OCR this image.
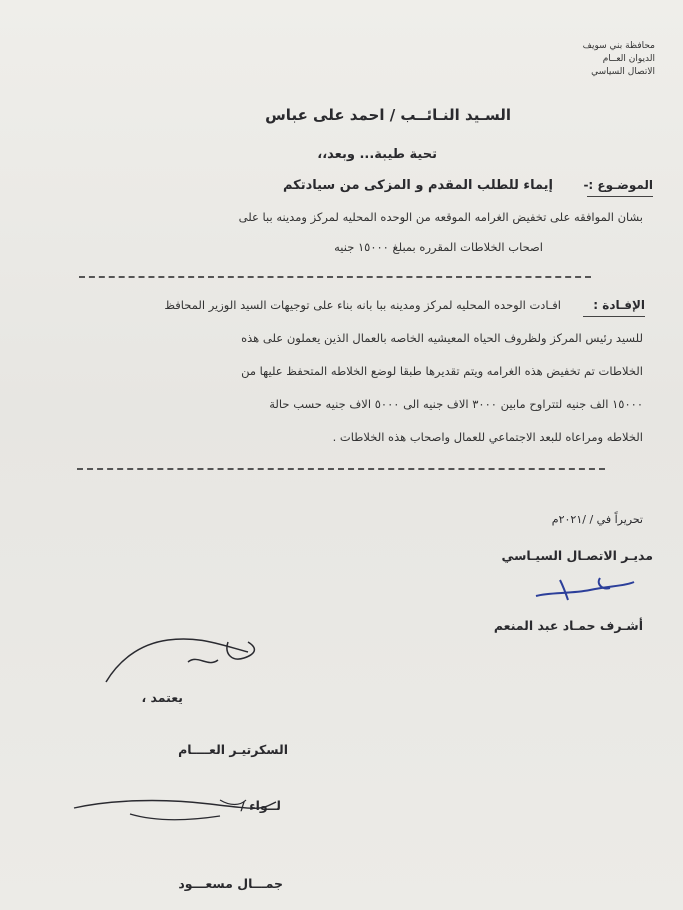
محافظة بني سويف
الديوان العــام
الاتصال السياسي
السـيد النـائــب / احمد على عباس
تحية طيبة... وبعد،،
الموضـوع :-
إيماء للطلب المقدم و المزكى من سيادتكم
بشان الموافقه على تخفيض الغرامه الموقعه من الوحده المحليه لمركز ومدينه ببا على
اصحاب الخلاطات المقرره بمبلغ ١٥٠٠٠ جنيه
الإفـادة :
افـادت الوحده المحليه لمركز ومدينه ببا بانه بناء على توجيهات السيد الوزير المحافظ
للسيد رئيس المركز ولظروف الحياه المعيشيه الخاصه بالعمال الذين يعملون على هذه
الخلاطات تم تخفيض هذه الغرامه ويتم تقديرها طبقا لوضع الخلاطه المتحفظ عليها من
١٥٠٠٠ الف جنيه لتتراوح مابين ٣٠٠٠ الاف جنيه الى ٥٠٠٠ الاف جنيه حسب حالة
الخلاطه ومراعاه للبعد الاجتماعي للعمال واصحاب هذه الخلاطات .
تحريراً في / /٢٠٢١م
مديـر الاتصـال السيـاسي
أشـرف حمـاد عبد المنعم
يعتمد ،
السكرتيـر العــــام
لــواء /
جمـــال مسعـــود
